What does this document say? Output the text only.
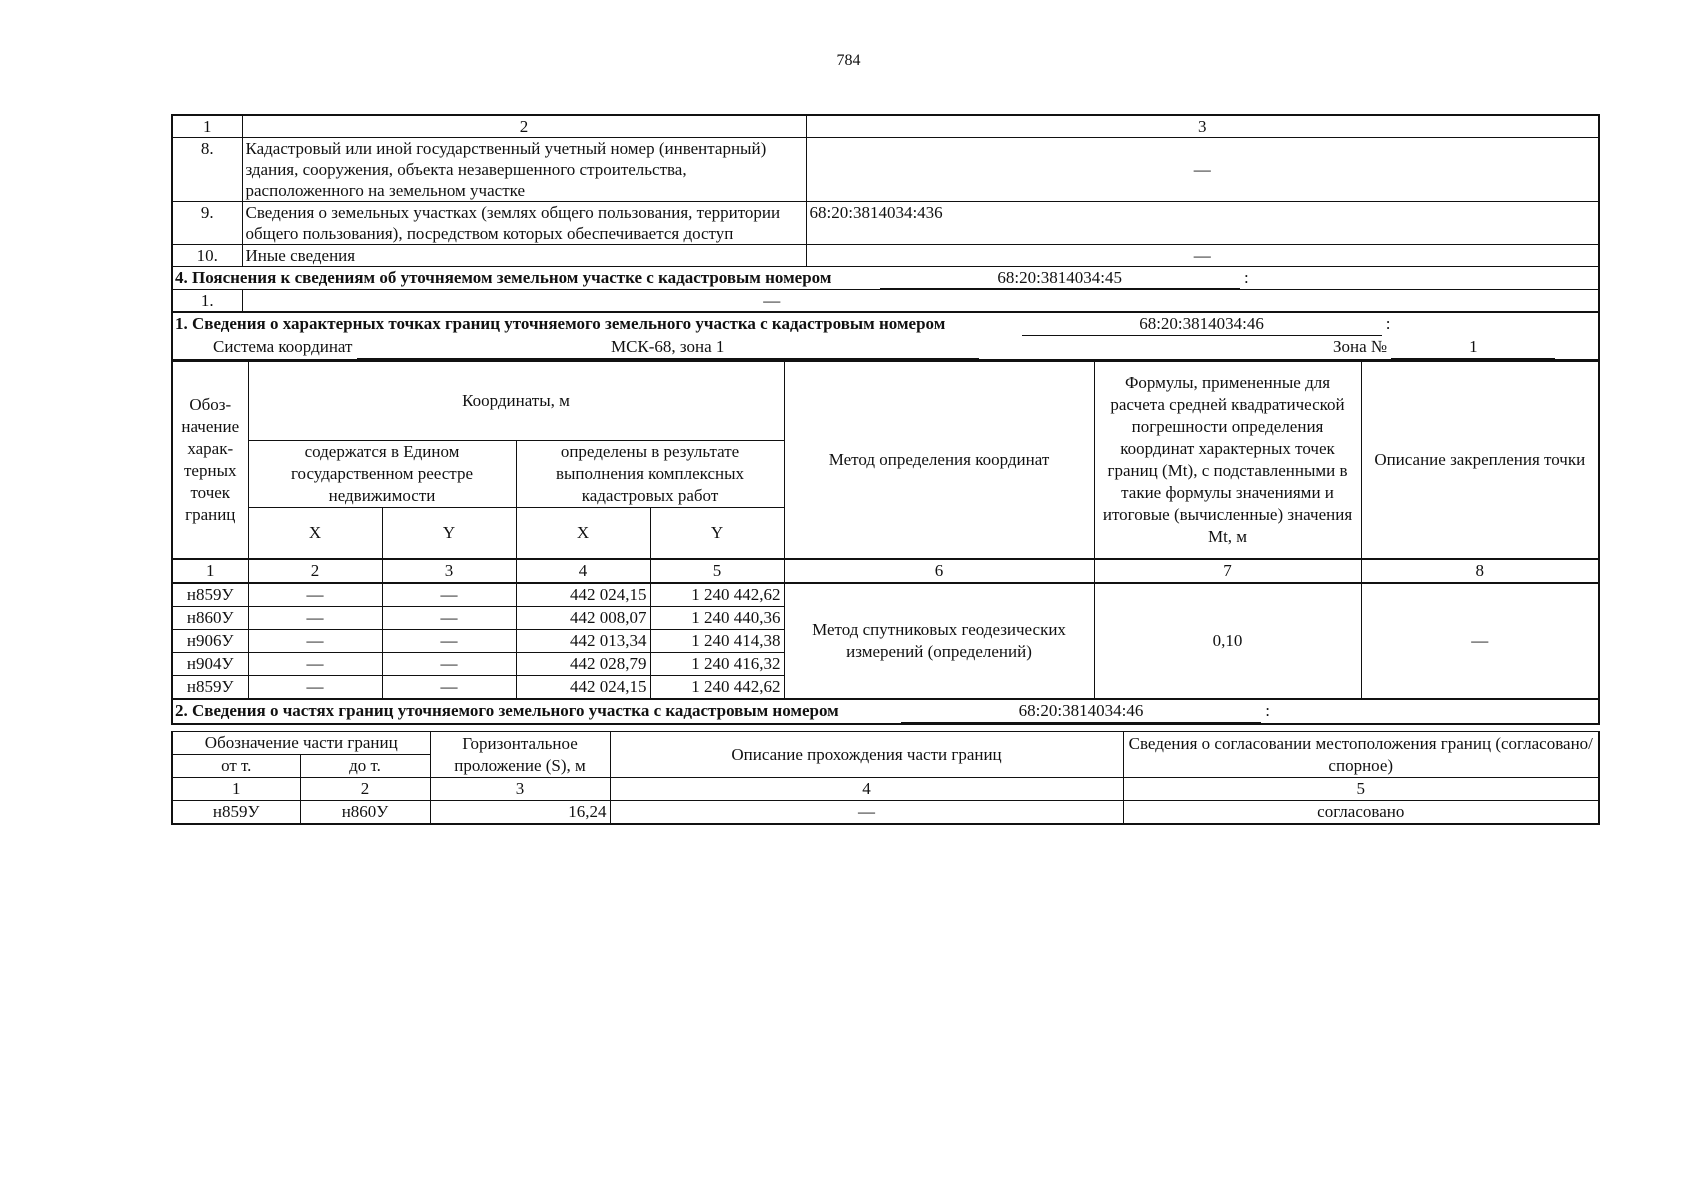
784
1	2	3
8.	Кадастровый или иной государственный учетный номер (инвентарный) здания, сооружения, объекта незавершенного строительства, расположенного на земельном участке	—
9.	Сведения о земельных участках (землях общего пользования, территории общего пользования), посредством которых обеспечивается доступ	68:20:3814034:436
10.	Иные сведения	—
4. Пояснения к сведениям об уточняемом земельном участке с кадастровым номером 68:20:3814034:45 :		
1.	—	
1. Сведения о характерных точках границ уточняемого земельного участка с кадастровым номером 68:20:3814034:46 :
Система координат МСК-68, зона 1 Зона № 1		
Обоз-начение харак-терных точек границ	Координаты, м				Метод определения координат	Формулы, примененные для расчета средней квадратической погрешности определения координат характерных точек границ (Mt), с подставленными в такие формулы значениями и итоговые (вычисленные) значения Mt, м	Описание закрепления точки
	содержатся в Едином государственном реестре недвижимости		определены в результате выполнения комплексных кадастровых работ				
	X	Y	X	Y			
1	2	3	4	5	6	7	8
н859У	—	—	442 024,15	1 240 442,62	Метод спутниковых геодезических измерений (определений)	0,10	—
н860У	—	—	442 008,07	1 240 440,36			
н906У	—	—	442 013,34	1 240 414,38			
н904У	—	—	442 028,79	1 240 416,32			
н859У	—	—	442 024,15	1 240 442,62			
2. Сведения о частях границ уточняемого земельного участка с кадастровым номером 68:20:3814034:46 :							
Обозначение части границ		Горизонтальное проложение (S), м	Описание прохождения части границ	Сведения о согласовании местоположения границ (согласовано/спорное)
от т.	до т.			
1	2	3	4	5
н859У	н860У	16,24	—	согласовано
